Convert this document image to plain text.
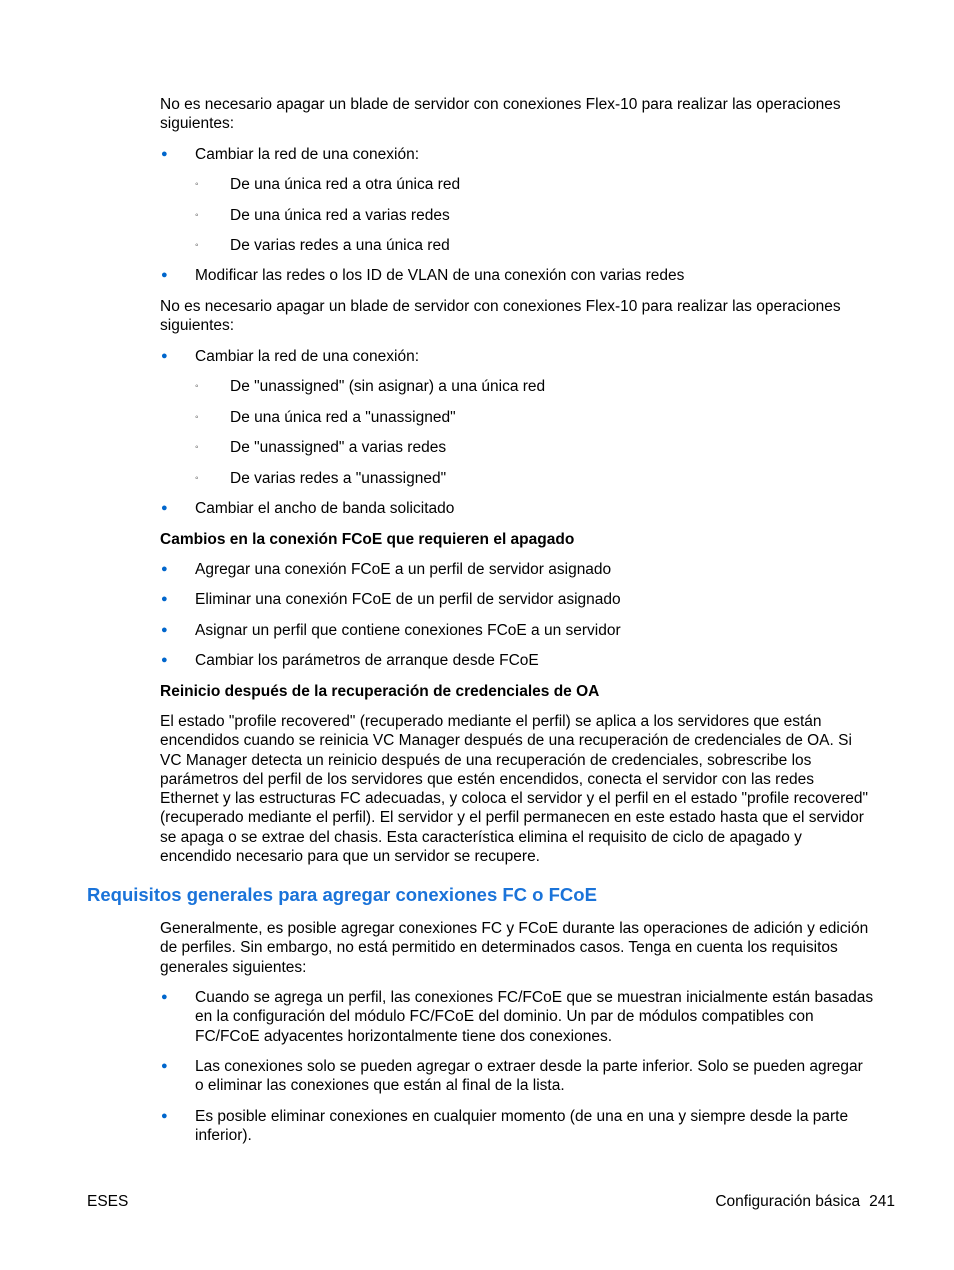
No es necesario apagar un blade de servidor con conexiones Flex-10 para realizar las operaciones siguientes:

● Cambiar la red de una conexión:

◦	De una única red a otra única red

◦	De una única red a varias redes

◦	De varias redes a una única red

● Modificar las redes o los ID de VLAN de una conexión con varias redes

No es necesario apagar un blade de servidor con conexiones Flex-10 para realizar las operaciones siguientes:

● Cambiar la red de una conexión:

◦	De "unassigned" (sin asignar) a una única red

◦	De una única red a "unassigned"

◦	De "unassigned" a varias redes

◦	De varias redes a "unassigned"

● Cambiar el ancho de banda solicitado

Cambios en la conexión FCoE que requieren el apagado

● Agregar una conexión FCoE a un perfil de servidor asignado

● Eliminar una conexión FCoE de un perfil de servidor asignado

● Asignar un perfil que contiene conexiones FCoE a un servidor

● Cambiar los parámetros de arranque desde FCoE

Reinicio después de la recuperación de credenciales de OA

El estado "profile recovered" (recuperado mediante el perfil) se aplica a los servidores que están encendidos cuando se reinicia VC Manager después de una recuperación de credenciales de OA. Si VC Manager detecta un reinicio después de una recuperación de credenciales, sobrescribe los parámetros del perfil de los servidores que estén encendidos, conecta el servidor con las redes Ethernet y las estructuras FC adecuadas, y coloca el servidor y el perfil en el estado "profile recovered" (recuperado mediante el perfil). El servidor y el perfil permanecen en este estado hasta que el servidor se apaga o se extrae del chasis. Esta característica elimina el requisito de ciclo de apagado y encendido necesario para que un servidor se recupere.

Requisitos generales para agregar conexiones FC o FCoE

Generalmente, es posible agregar conexiones FC y FCoE durante las operaciones de adición y edición de perfiles. Sin embargo, no está permitido en determinados casos. Tenga en cuenta los requisitos generales siguientes:

● Cuando se agrega un perfil, las conexiones FC/FCoE que se muestran inicialmente están basadas en la configuración del módulo FC/FCoE del dominio. Un par de módulos compatibles con FC/FCoE adyacentes horizontalmente tiene dos conexiones.

● Las conexiones solo se pueden agregar o extraer desde la parte inferior. Solo se pueden agregar o eliminar las conexiones que están al final de la lista.

● Es posible eliminar conexiones en cualquier momento (de una en una y siempre desde la parte inferior).

ESES	Configuración básica 241
